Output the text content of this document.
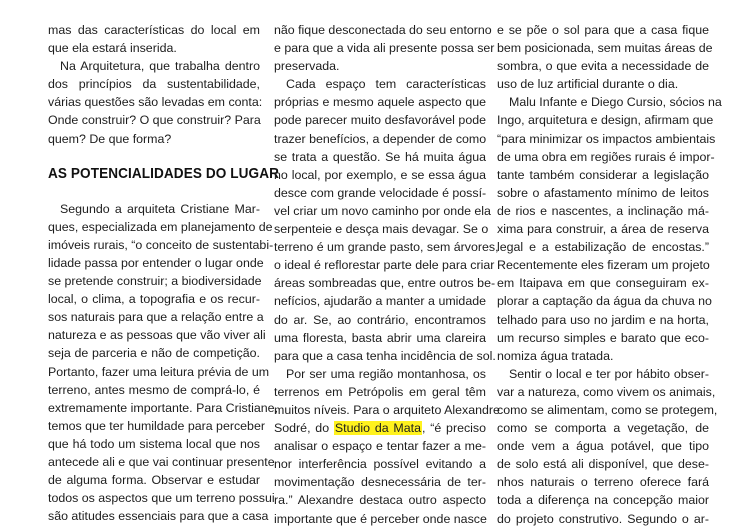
mas das características do local em
que ela estará inserida.
Na Arquitetura, que trabalha dentro
dos princípios da sustentabilidade,
várias questões são levadas em conta:
Onde construir? O que construir? Para
quem? De que forma?
AS POTENCIALIDADES DO LUGAR
Segundo a arquiteta Cristiane Mar-
ques, especializada em planejamento de
imóveis rurais, “o conceito de sustentabi-
lidade passa por entender o lugar onde
se pretende construir; a biodiversidade
local, o clima, a topografia e os recur-
sos naturais para que a relação entre a
natureza e as pessoas que vão viver ali
seja de parceria e não de competição.
Portanto, fazer uma leitura prévia de um
terreno, antes mesmo de comprá-lo, é
extremamente importante. Para Cristiane,
temos que ter humildade para perceber
que há todo um sistema local que nos
antecede ali e que vai continuar presente
de alguma forma. Observar e estudar
todos os aspectos que um terreno possui
são atitudes essenciais para que a casa
não fique desconectada do seu entorno
e para que a vida ali presente possa ser
preservada.
Cada espaço tem características
próprias e mesmo aquele aspecto que
pode parecer muito desfavorável pode
trazer benefícios, a depender de como
se trata a questão. Se há muita água
no local, por exemplo, e se essa água
desce com grande velocidade é possí-
vel criar um novo caminho por onde ela
serpenteie e desça mais devagar. Se o
terreno é um grande pasto, sem árvores,
o ideal é reflorestar parte dele para criar
áreas sombreadas que, entre outros be-
nefícios, ajudarão a manter a umidade
do ar. Se, ao contrário, encontramos
uma floresta, basta abrir uma clareira
para que a casa tenha incidência de sol.
Por ser uma região montanhosa, os
terrenos em Petrópolis em geral têm
muitos níveis. Para o arquiteto Alexandre
Sodré, do Studio da Mata, “é preciso
analisar o espaço e tentar fazer a me-
nor interferência possível evitando a
movimentação desnecessária de ter-
ra.” Alexandre destaca outro aspecto
importante que é perceber onde nasce
e se põe o sol para que a casa fique
bem posicionada, sem muitas áreas de
sombra, o que evita a necessidade de
uso de luz artificial durante o dia.
Malu Infante e Diego Cursio, sócios na
Ingo, arquitetura e design, afirmam que
“para minimizar os impactos ambientais
de uma obra em regiões rurais é impor-
tante também considerar a legislação
sobre o afastamento mínimo de leitos
de rios e nascentes, a inclinação má-
xima para construir, a área de reserva
legal e a estabilização de encostas.”
Recentemente eles fizeram um projeto
em Itaipava em que conseguiram ex-
plorar a captação da água da chuva no
telhado para uso no jardim e na horta,
um recurso simples e barato que eco-
nomiza água tratada.
Sentir o local e ter por hábito obser-
var a natureza, como vivem os animais,
como se alimentam, como se protegem,
como se comporta a vegetação, de
onde vem a água potável, que tipo
de solo está ali disponível, que dese-
nhos naturais o terreno oferece fará
toda a diferença na concepção maior
do projeto construtivo. Segundo o ar-
